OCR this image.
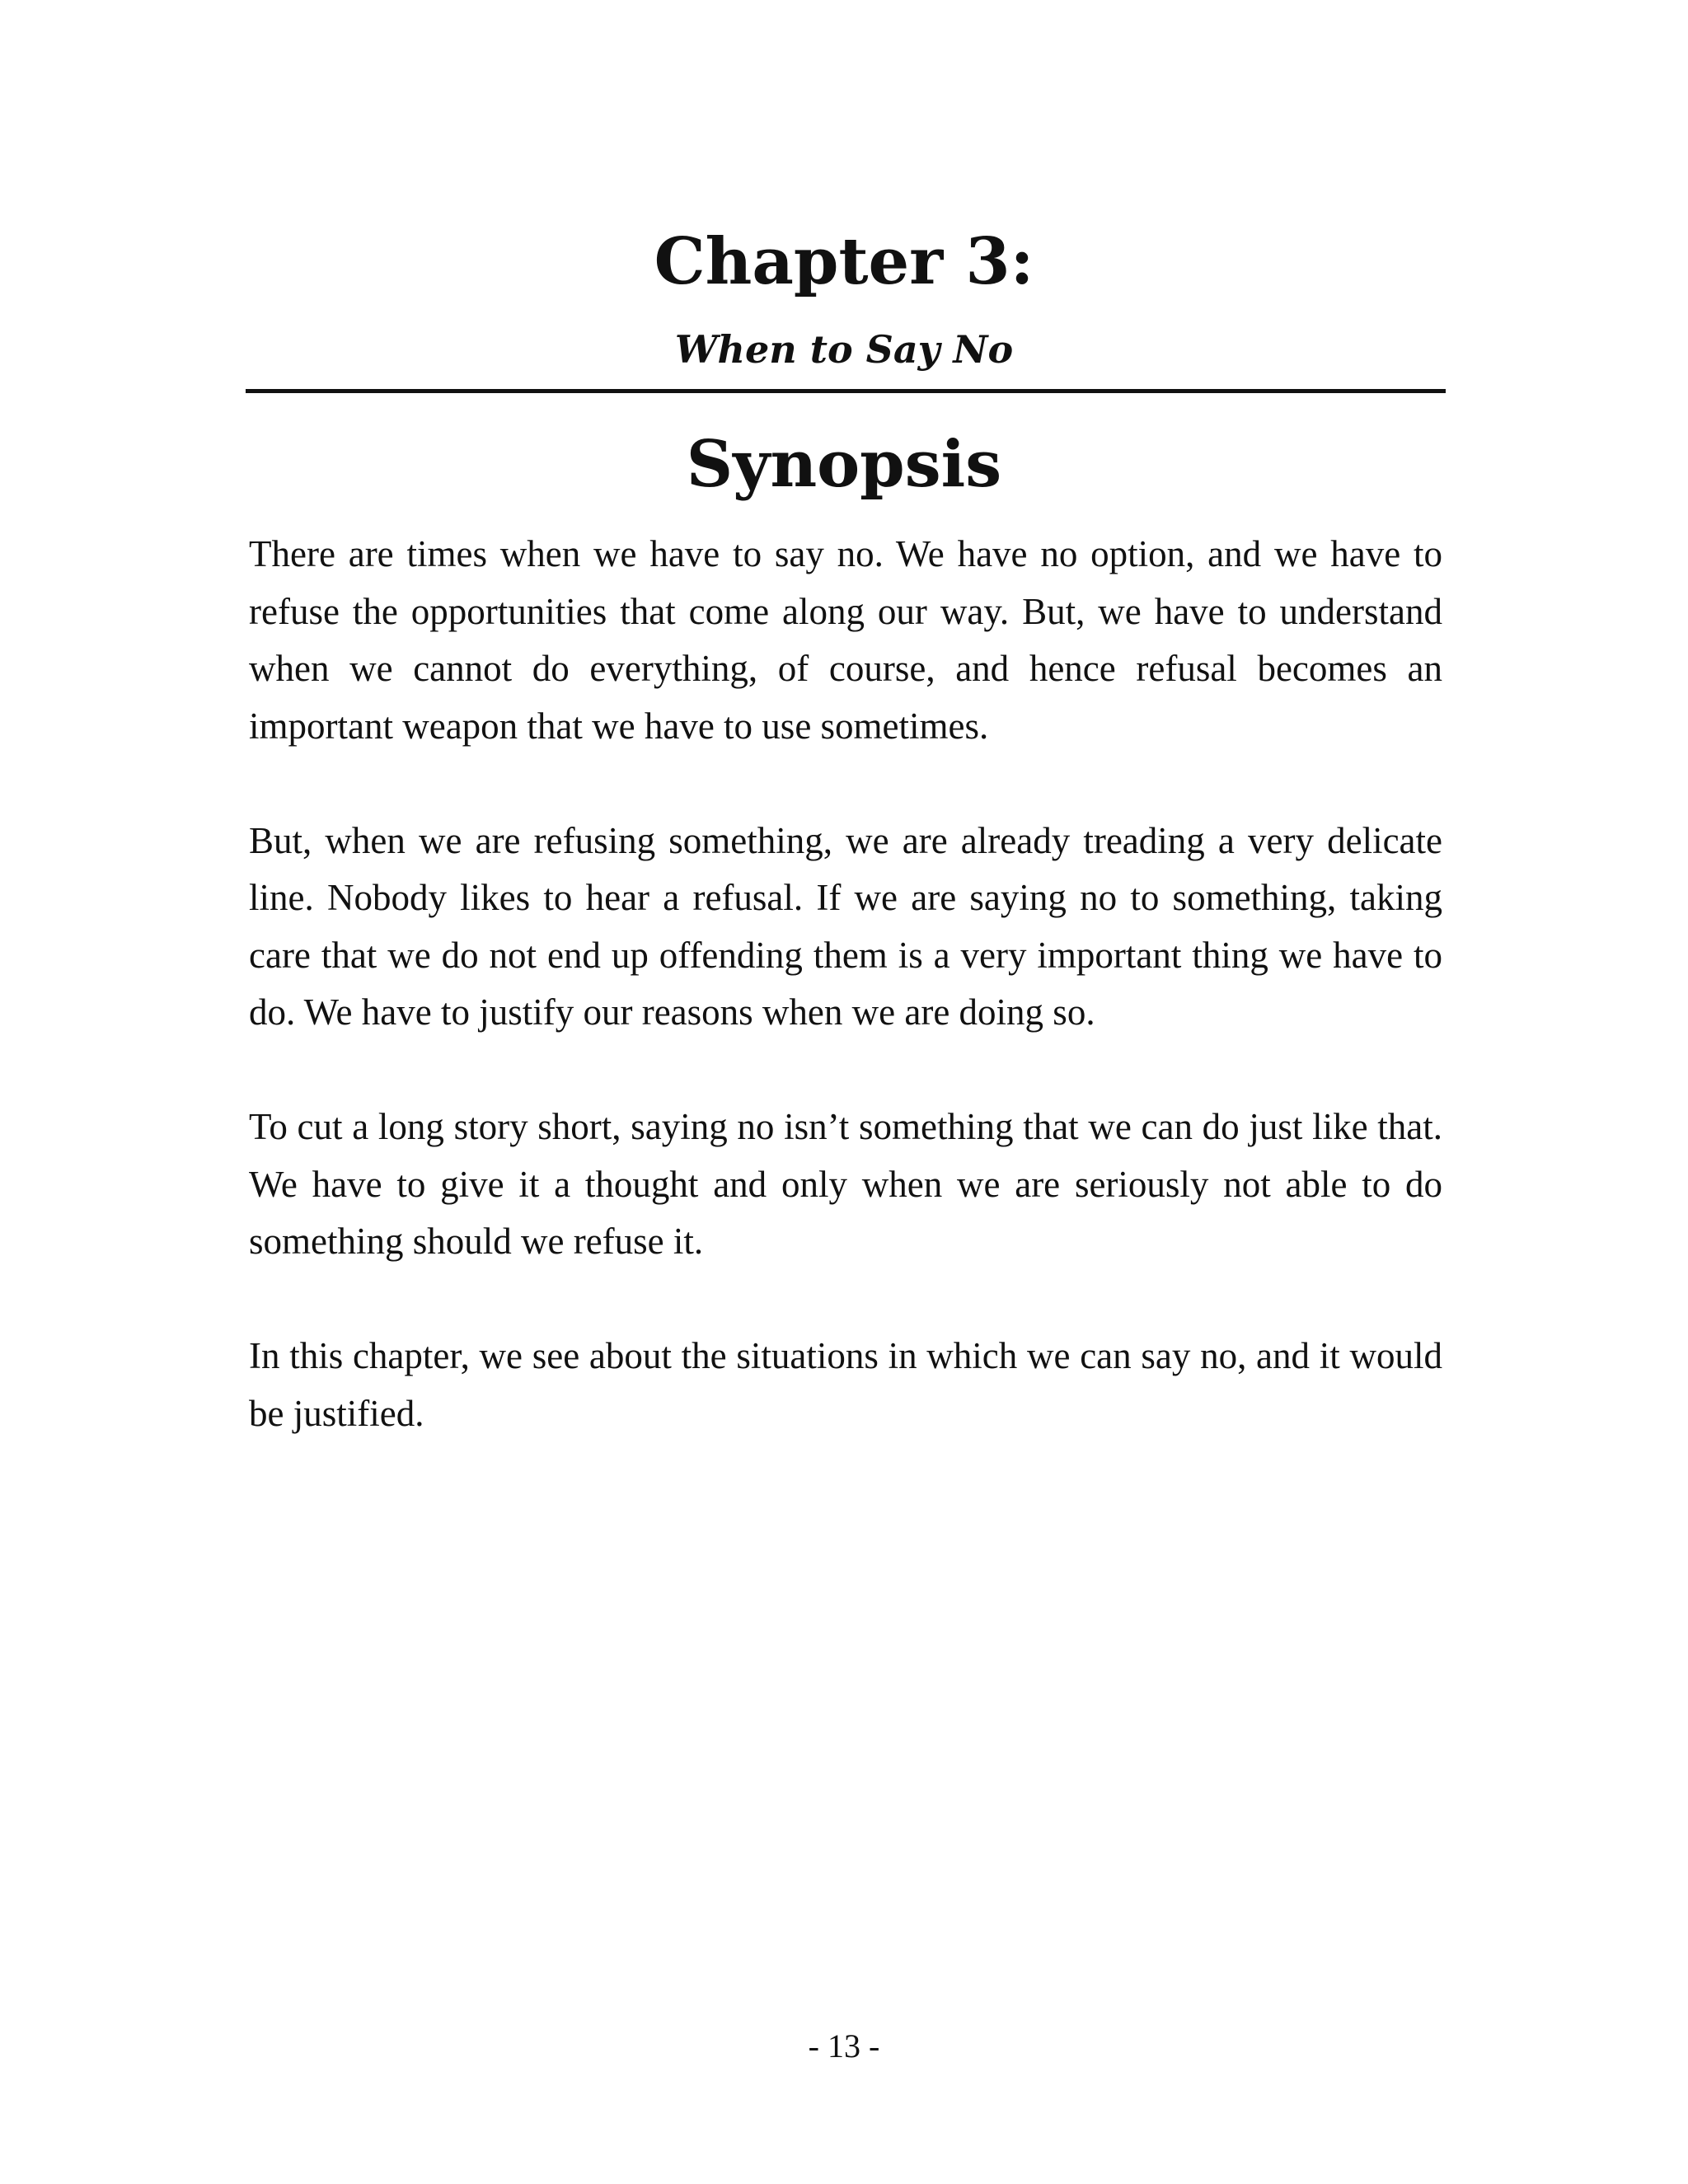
Chapter 3:
When to Say No
Synopsis

There are times when we have to say no. We have no option, and we have to refuse the opportunities that come along our way. But, we have to understand when we cannot do everything, of course, and hence refusal becomes an important weapon that we have to use sometimes.

But, when we are refusing something, we are already treading a very delicate line. Nobody likes to hear a refusal. If we are saying no to something, taking care that we do not end up offending them is a very important thing we have to do. We have to justify our reasons when we are doing so.

To cut a long story short, saying no isn’t something that we can do just like that. We have to give it a thought and only when we are seriously not able to do something should we refuse it.

In this chapter, we see about the situations in which we can say no, and it would be justified.

- 13 -
